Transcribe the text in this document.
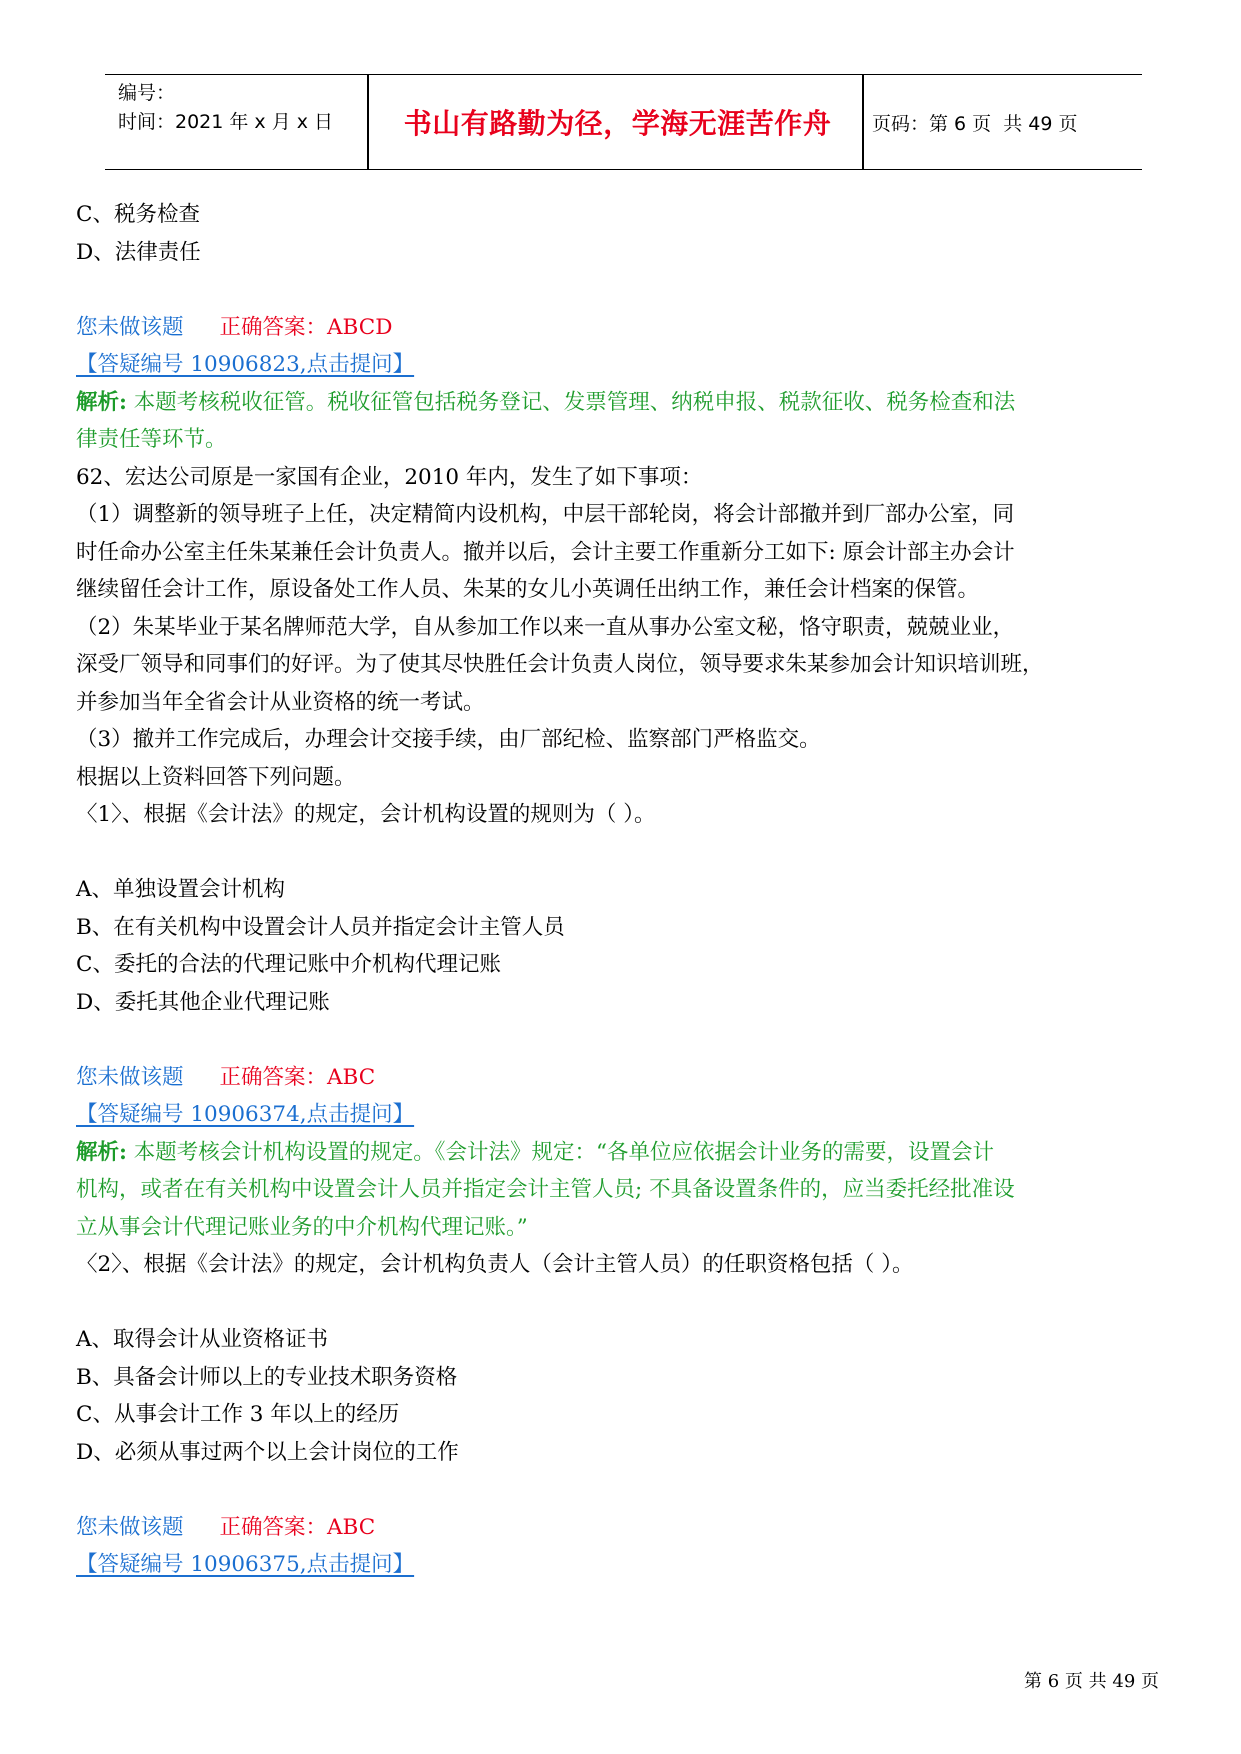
编号：
时间：2021 年 x 月 x 日	书山有路勤为径，学海无涯苦作舟	页码：第 6 页  共 49 页
C、税务检查
D、法律责任
您未做该题 正确答案：ABCD
【答疑编号 10906823,点击提问】
解析: 本题考核税收征管。税收征管包括税务登记、发票管理、纳税申报、税款征收、税务检查和法
律责任等环节。
62、宏达公司原是一家国有企业，2010 年内，发生了如下事项：
（1）调整新的领导班子上任，决定精简内设机构，中层干部轮岗，将会计部撤并到厂部办公室，同
时任命办公室主任朱某兼任会计负责人。撤并以后，会计主要工作重新分工如下: 原会计部主办会计
继续留任会计工作，原设备处工作人员、朱某的女儿小英调任出纳工作，兼任会计档案的保管。
（2）朱某毕业于某名牌师范大学，自从参加工作以来一直从事办公室文秘，恪守职责，兢兢业业，
深受厂领导和同事们的好评。为了使其尽快胜任会计负责人岗位，领导要求朱某参加会计知识培训班，
并参加当年全省会计从业资格的统一考试。
（3）撤并工作完成后，办理会计交接手续，由厂部纪检、监察部门严格监交。
根据以上资料回答下列问题。
〈1〉、根据《会计法》的规定，会计机构设置的规则为（ ）。
A、单独设置会计机构
B、在有关机构中设置会计人员并指定会计主管人员
C、委托的合法的代理记账中介机构代理记账
D、委托其他企业代理记账
您未做该题 正确答案：ABC
【答疑编号 10906374,点击提问】
解析: 本题考核会计机构设置的规定。《会计法》规定：“各单位应依据会计业务的需要，设置会计
机构，或者在有关机构中设置会计人员并指定会计主管人员; 不具备设置条件的，应当委托经批准设
立从事会计代理记账业务的中介机构代理记账。”
〈2〉、根据《会计法》的规定，会计机构负责人（会计主管人员）的任职资格包括（ ）。
A、取得会计从业资格证书
B、具备会计师以上的专业技术职务资格
C、从事会计工作 3 年以上的经历
D、必须从事过两个以上会计岗位的工作
您未做该题 正确答案：ABC
【答疑编号 10906375,点击提问】
第 6 页 共 49 页
